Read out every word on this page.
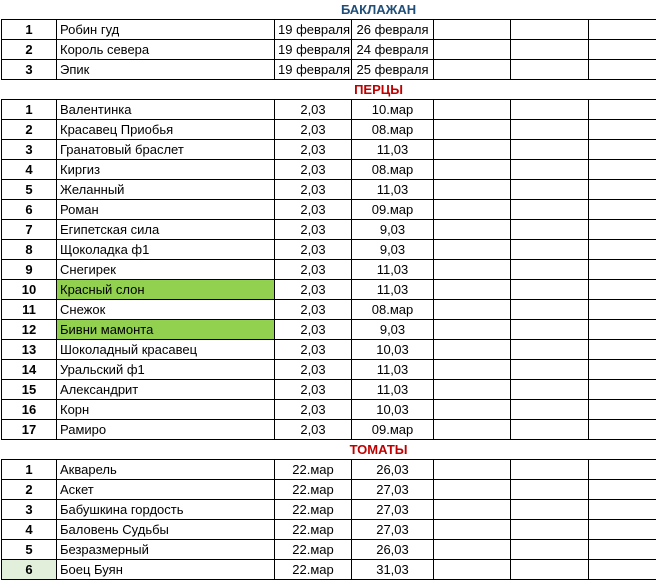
БАКЛАЖАН							
1	Робин гуд	19 февраля	26 февраля				
2	Король севера	19 февраля	24 февраля				
3	Эпик	19 февраля	25 февраля				
ПЕРЦЫ							
1	Валентинка	2,03	10.мар				
2	Красавец Приобья	2,03	08.мар				
3	Гранатовый браслет	2,03	11,03				
4	Киргиз	2,03	08.мар				
5	Желанный	2,03	11,03				
6	Роман	2,03	09.мар				
7	Египетская сила	2,03	9,03				
8	Щоколадка ф1	2,03	9,03				
9	Снегирек	2,03	11,03				
10	Красный слон	2,03	11,03				
11	Снежок	2,03	08.мар				
12	Бивни мамонта	2,03	9,03				
13	Шоколадный красавец	2,03	10,03				
14	Уральский ф1	2,03	11,03				
15	Александрит	2,03	11,03				
16	Корн	2,03	10,03				
17	Рамиро	2,03	09.мар				
ТОМАТЫ							
1	Акварель	22.мар	26,03				
2	Аскет	22.мар	27,03				
3	Бабушкина гордость	22.мар	27,03				
4	Баловень Судьбы	22.мар	27,03				
5	Безразмерный	22.мар	26,03				
6	Боец Буян	22.мар	31,03				
